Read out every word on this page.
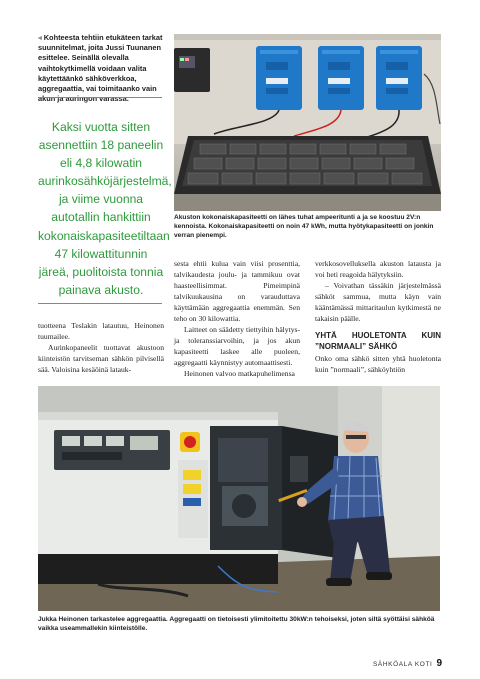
◂ Kohteesta tehtiin etukäteen tarkat suunnitelmat, joita Jussi Tuunanen esittelee. Seinällä olevalla vaihtokytkimellä voidaan valita käytettäänkö sähköverkkoa, aggregaattia, vai toimitaanko vain akun ja auringon varassa.
Kaksi vuotta sitten asennettiin 18 paneelin eli 4,8 kilowatin aurinkosähköjärjestelmä, ja viime vuonna autotallin hankittiin kokonaiskapasiteetiltaan 47 kilowattitunnin järeä, puolitoista tonnia painava akusto.
Akuston kokonaiskapasiteetti on lähes tuhat ampeeritunti a ja se koostuu 2V:n kennoista. Kokonaiskapasiteetti on noin 47 kWh, mutta hyötykapasiteetti on jonkin verran pienempi.

tuotteena Teslakin latautuu, Heinonen tuumailee.

Aurinkopaneelit tuottavat akustoon kiinteistön tarvitseman sähkön pilvisellä sää. Valoisina kesäöinä latauk-

sesta ehtii kulua vain viisi prosenttia, talvikaudesta joulu- ja tammikuu ovat haasteellisimmat. Pimeimpinä talvikuukausina on varauduttava käyttämään aggregaattia enemmän. Sen teho on 30 kilowattia.

Laitteet on säädetty tiettyihin hälytys- ja toleranssiarvoihin, ja jos akun kapasiteetti laskee alle puoleen, aggregaatti käynnistyy automaattisesti.

Heinonen valvoo matkapuhelimensa

verkkosovelluksella akuston latausta ja voi heti reagoida hälytyksiin.

– Voivathan tässäkin järjestelmässä sähköt sammua, mutta käyn vain kääntämässä mittaritaulun kytkimestä ne takaisin päälle.

YHTÄ HUOLETONTA KUIN ”NORMAALI” SÄHKÖ

Onko oma sähkö sitten yhtä huoletonta kuin ”normaali”, sähköyhtiön

Jukka Heinonen tarkastelee aggregaattia. Aggregaatti on tietoisesti ylimitoitettu 30kW:n tehoiseksi, joten siltä syöttäisi sähköä vaikka useammallekin kiinteistölle.
SÄHKÖALA KOTI 9
